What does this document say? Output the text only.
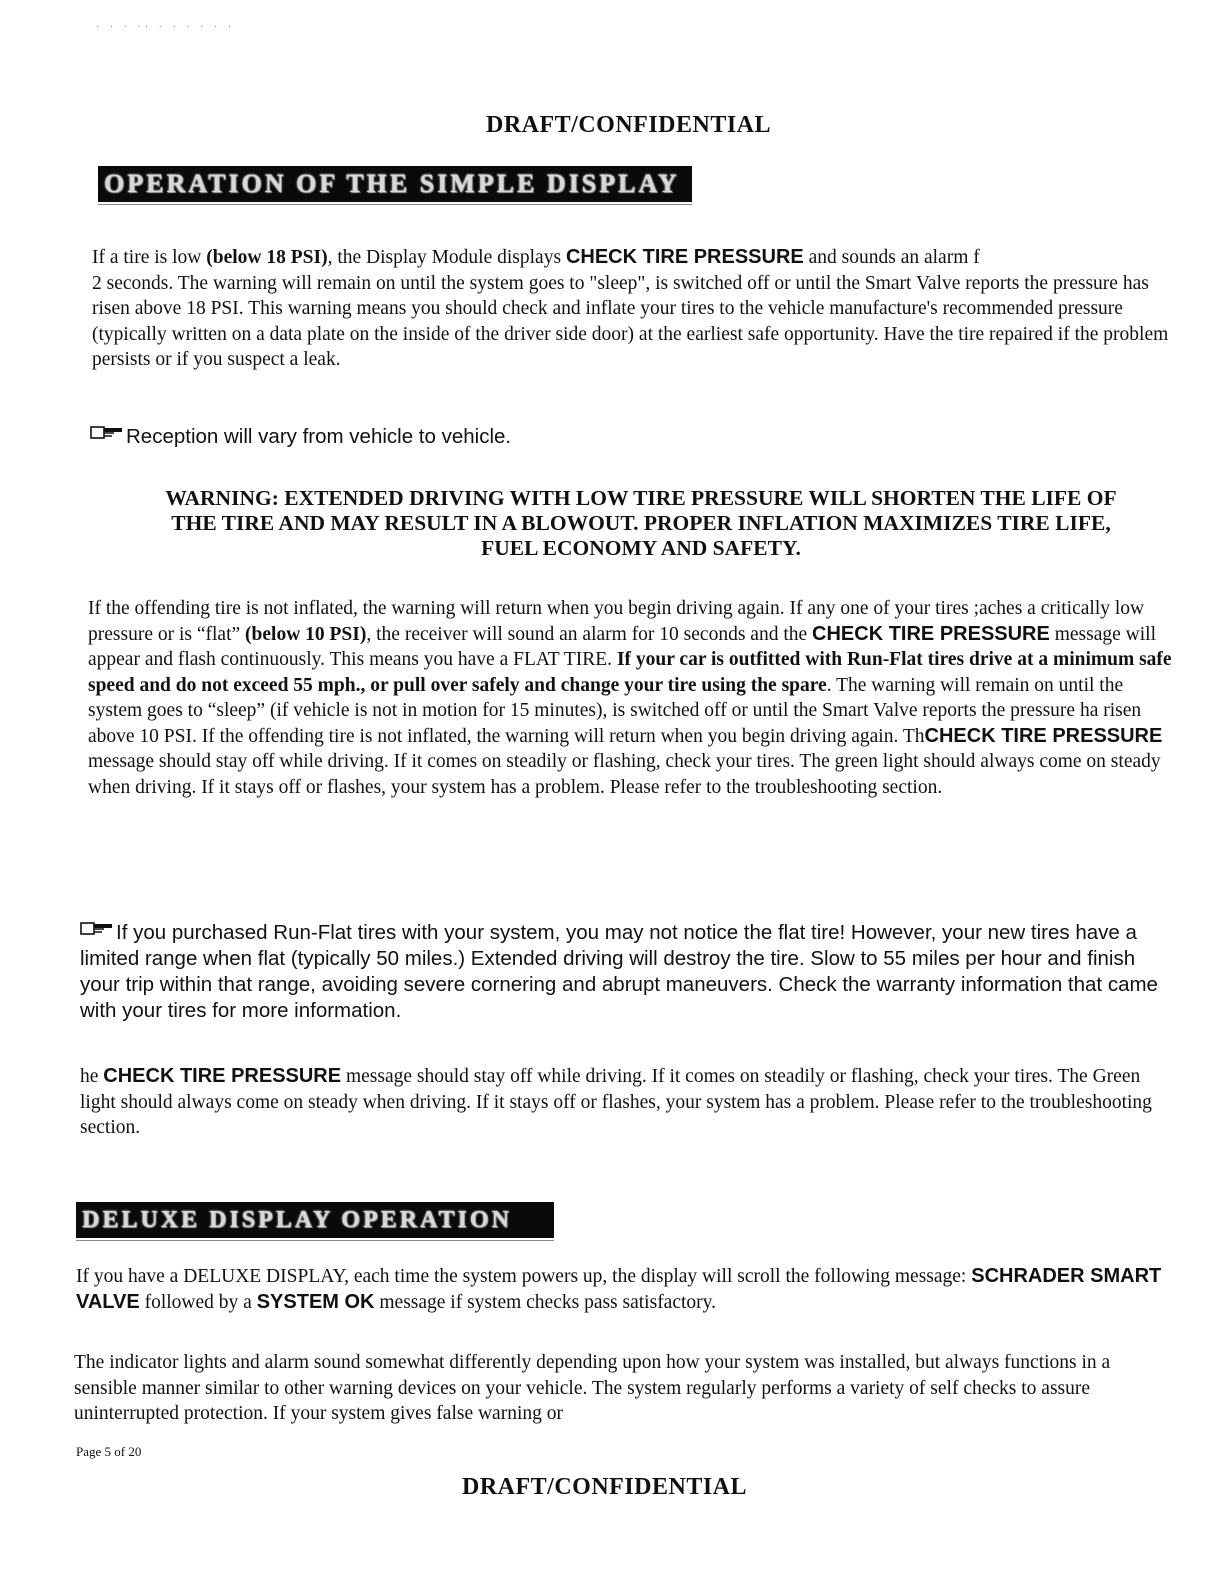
· · · ·· · · · · · ·
DRAFT/CONFIDENTIAL
OPERATION OF THE SIMPLE DISPLAY
If a tire is low (below 18 PSI), the Display Module displays CHECK TIRE PRESSURE and sounds an alarm f
2 seconds. The warning will remain on until the system goes to "sleep", is switched off or until the Smart Valve reports the pressure has risen above 18 PSI. This warning means you should check and inflate your tires to the vehicle manufacture's recommended pressure (typically written on a data plate on the inside of the driver side door) at the earliest safe opportunity. Have the tire repaired if the problem persists or if you suspect a leak.
Reception will vary from vehicle to vehicle.
WARNING: EXTENDED DRIVING WITH LOW TIRE PRESSURE WILL SHORTEN THE LIFE OF
THE TIRE AND MAY RESULT IN A BLOWOUT. PROPER INFLATION MAXIMIZES TIRE LIFE,
FUEL ECONOMY AND SAFETY.
If the offending tire is not inflated, the warning will return when you begin driving again. If any one of your tires ;aches a critically low pressure or is “flat” (below 10 PSI), the receiver will sound an alarm for 10 seconds and the CHECK TIRE PRESSURE message will appear and flash continuously. This means you have a FLAT TIRE. If your car is outfitted with Run-Flat tires drive at a minimum safe speed and do not exceed 55 mph., or pull over safely and change your tire using the spare. The warning will remain on until the system goes to “sleep” (if vehicle is not in motion for 15 minutes), is switched off or until the Smart Valve reports the pressure ha risen above 10 PSI. If the offending tire is not inflated, the warning will return when you begin driving again. ThCHECK TIRE PRESSURE message should stay off while driving. If it comes on steadily or flashing, check your tires. The green light should always come on steady when driving. If it stays off or flashes, your system has a problem. Please refer to the troubleshooting section.
If you purchased Run-Flat tires with your system, you may not notice the flat tire! However, your new tires have a limited range when flat (typically 50 miles.) Extended driving will destroy the tire. Slow to 55 miles per hour and finish your trip within that range, avoiding severe cornering and abrupt maneuvers. Check the warranty information that came with your tires for more information.
he CHECK TIRE PRESSURE message should stay off while driving. If it comes on steadily or flashing, check your tires. The Green light should always come on steady when driving. If it stays off or flashes, your system has a problem. Please refer to the troubleshooting section.
DELUXE DISPLAY OPERATION
If you have a DELUXE DISPLAY, each time the system powers up, the display will scroll the following message: SCHRADER SMART VALVE followed by a SYSTEM OK message if system checks pass satisfactory.
The indicator lights and alarm sound somewhat differently depending upon how your system was installed, but always functions in a sensible manner similar to other warning devices on your vehicle. The system regularly performs a variety of self checks to assure uninterrupted protection. If your system gives false warning or
Page 5 of 20
DRAFT/CONFIDENTIAL
